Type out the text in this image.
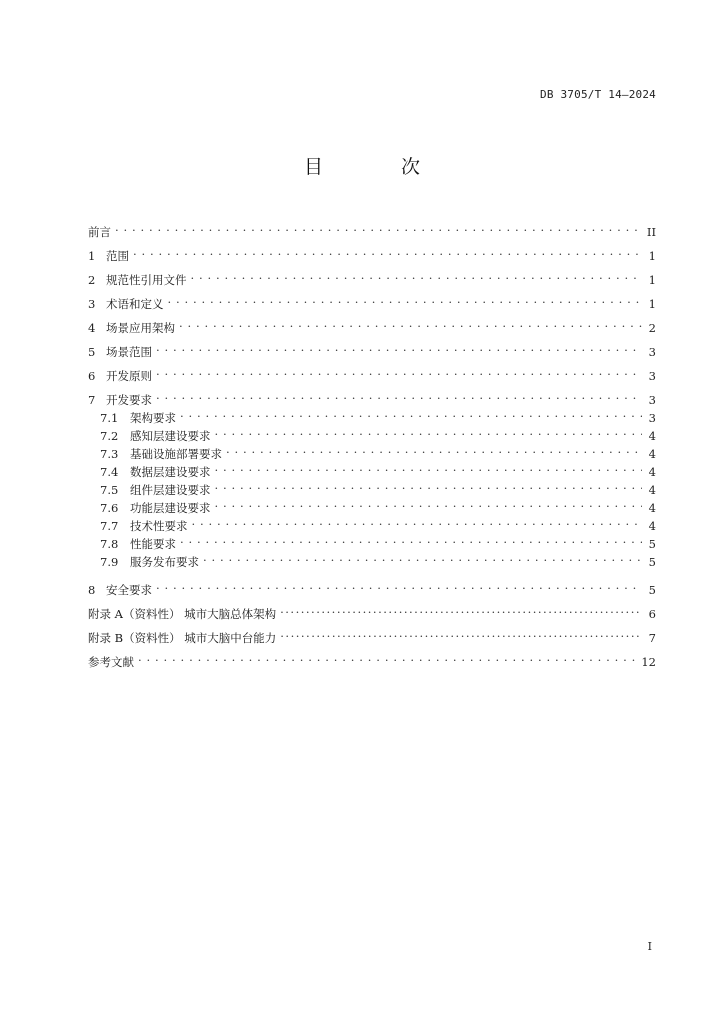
DB 3705/T 14—2024
目 次
前言 . . .	II
1 范围 . . .	1
2 规范性引用文件 . . .	1
3 术语和定义 . . .	1
4 场景应用架构 . . .	2
5 场景范围 . . .	3
6 开发原则 . . .	3
7 开发要求 . . .	3
7.1	架构要求 . . .	3
7.2	感知层建设要求 . . .	4
7.3	基础设施部署要求 . . .	4
7.4	数据层建设要求 . . .	4
7.5	组件层建设要求 . . .	4
7.6	功能层建设要求 . . .	4
7.7	技术性要求 . . .	4
7.8	性能要求 . . .	5
7.9	服务发布要求 . . .	5
8 安全要求 . . .	5
附录 A（资料性） 城市大脑总体架构 .....	6
附录 B（资料性） 城市大脑中台能力 .....	7
参考文献 . . .	12
I
